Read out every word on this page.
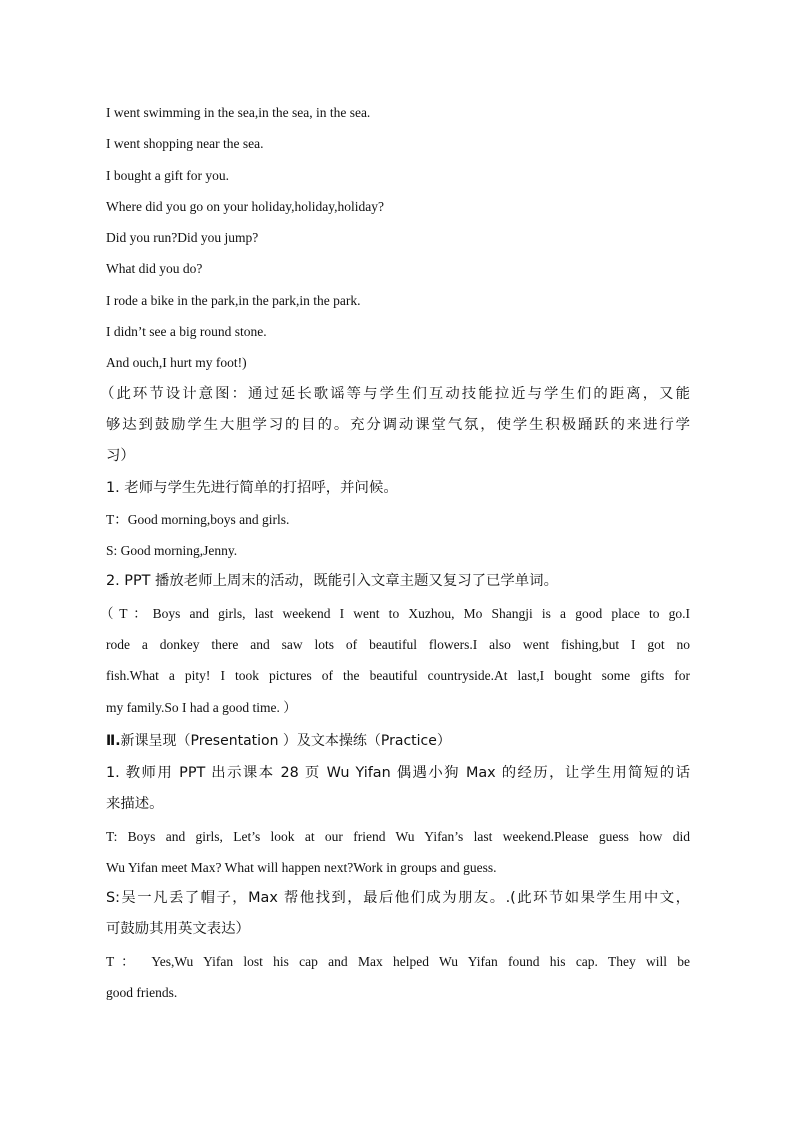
I went swimming in the sea,in the sea, in the sea.
I went shopping near the sea.
I bought a gift for you.
Where did you go on your holiday,holiday,holiday?
Did you run?Did you jump?
What did you do?
I rode a bike in the park,in the park,in the park.
I didn’t see a big round stone.
And ouch,I hurt my foot!)
（此环节设计意图：通过延长歌谣等与学生们互动技能拉近与学生们的距离，又能
够达到鼓励学生大胆学习的目的。充分调动课堂气氛，使学生积极踊跃的来进行学
习）
1. 老师与学生先进行简单的打招呼，并问候。
T：Good morning,boys and girls.
S: Good morning,Jenny.
2. PPT 播放老师上周末的活动，既能引入文章主题又复习了已学单词。
（T：Boys and girls, last weekend I went to Xuzhou, Mo Shangji is a good place to go.I
rode a donkey there and saw lots of beautiful flowers.I also went fishing,but I got no
fish.What a pity! I took pictures of the beautiful countryside.At last,I bought some gifts for
my family.So I had a good time. ）
Ⅱ.新课呈现（Presentation ）及文本操练（Practice）
1. 教师用 PPT 出示课本 28 页 Wu Yifan 偶遇小狗 Max 的经历，让学生用简短的话
来描述。
T: Boys and girls, Let’s look at our friend Wu Yifan’s last weekend.Please guess how did
Wu Yifan meet Max? What will happen next?Work in groups and guess.
S:吴一凡丢了帽子，Max 帮他找到，最后他们成为朋友。.(此环节如果学生用中文，
可鼓励其用英文表达）
T： Yes,Wu Yifan lost his cap and Max helped Wu Yifan found his cap. They will be
good friends.
